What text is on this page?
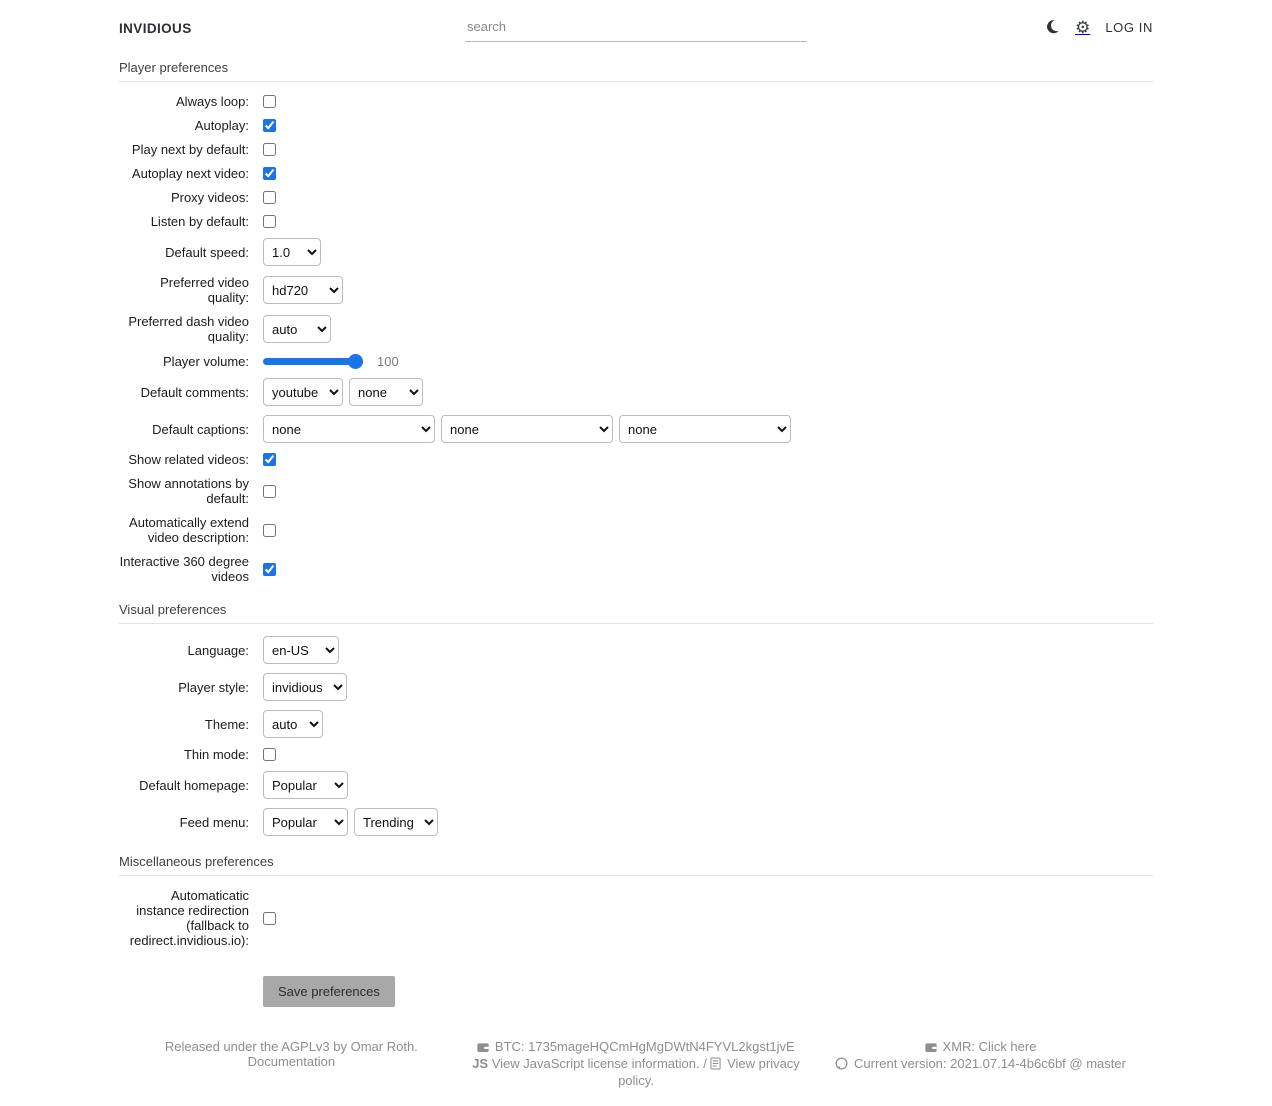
INVIDIOUS
search	⚙ LOG IN
Player preferences
Always loop:
Autoplay:
Play next by default:
Autoplay next video:
Proxy videos:
Listen by default:
Default speed:
1.0
Preferred video quality:
hd720
Preferred dash video quality:
auto
Player volume:	100
Default comments:
youtube
none
Default captions:
none
none
none
Show related videos:
Show annotations by default:
Automatically extend video description:
Interactive 360 degree videos
Visual preferences
Language:
en-US
Player style:
invidious
Theme:
auto
Thin mode:
Default homepage:
Popular
Feed menu:
Popular
Trending
Miscellaneous preferences
Automaticatic instance redirection (fallback to redirect.invidious.io):
Save preferences
Released under the AGPLv3 by Omar Roth.
Documentation
BTC: 1735mageHQCmHgMgDWtN4FYVL2kgst1jvE
JS View JavaScript license information. / View privacy policy.
XMR: Click here
Current version: 2021.07.14-4b6c6bf @ master
